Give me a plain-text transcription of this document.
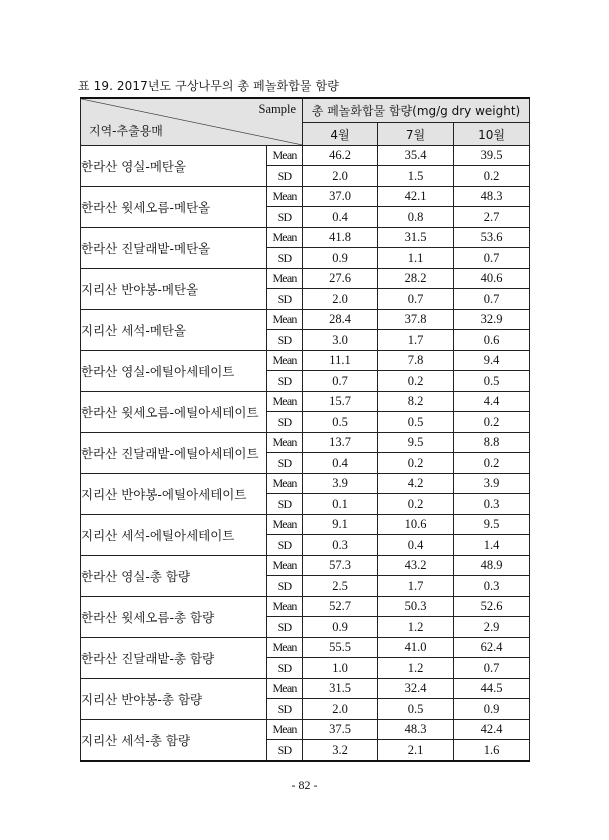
표 19. 2017년도 구상나무의 총 페놀화합물 함량
Sample
지역-추출용매		총 페놀화합물 함량(mg/g dry weight)		
		4월	7월	10월
한라산 영실-메탄올	Mean	46.2	35.4	39.5
	SD	2.0	1.5	0.2
한라산 윗세오름-메탄올	Mean	37.0	42.1	48.3
	SD	0.4	0.8	2.7
한라산 진달래밭-메탄올	Mean	41.8	31.5	53.6
	SD	0.9	1.1	0.7
지리산 반야봉-메탄올	Mean	27.6	28.2	40.6
	SD	2.0	0.7	0.7
지리산 세석-메탄올	Mean	28.4	37.8	32.9
	SD	3.0	1.7	0.6
한라산 영실-에틸아세테이트	Mean	11.1	7.8	9.4
	SD	0.7	0.2	0.5
한라산 윗세오름-에틸아세테이트	Mean	15.7	8.2	4.4
	SD	0.5	0.5	0.2
한라산 진달래밭-에틸아세테이트	Mean	13.7	9.5	8.8
	SD	0.4	0.2	0.2
지리산 반야봉-에틸아세테이트	Mean	3.9	4.2	3.9
	SD	0.1	0.2	0.3
지리산 세석-에틸아세테이트	Mean	9.1	10.6	9.5
	SD	0.3	0.4	1.4
한라산 영실-총 함량	Mean	57.3	43.2	48.9
	SD	2.5	1.7	0.3
한라산 윗세오름-총 함량	Mean	52.7	50.3	52.6
	SD	0.9	1.2	2.9
한라산 진달래밭-총 함량	Mean	55.5	41.0	62.4
	SD	1.0	1.2	0.7
지리산 반야봉-총 함량	Mean	31.5	32.4	44.5
	SD	2.0	0.5	0.9
지리산 세석-총 함량	Mean	37.5	48.3	42.4
	SD	3.2	2.1	1.6
- 82 -
